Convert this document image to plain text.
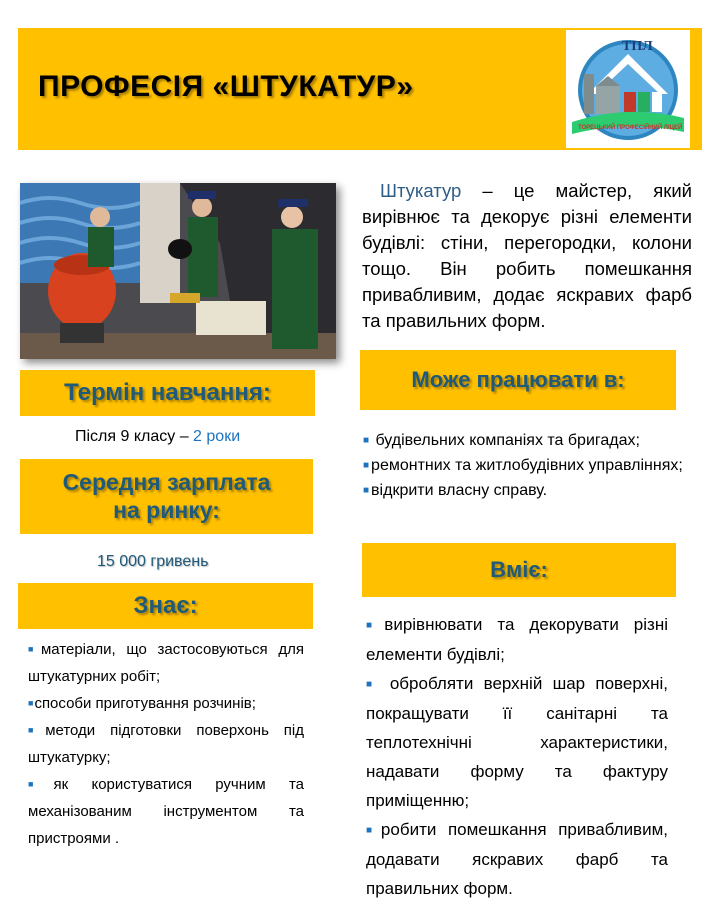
ПРОФЕСІЯ «ШТУКАТУР»
ТПЛ
ТОРЕЦЬКИЙ ПРОФЕСІЙНИЙ ЛІЦЕЙ
Штукатур – це майстер, який вирівнює та декорує різні елементи будівлі: стіни, перегородки, колони тощо. Він робить помешкання привабливим, додає яскравих фарб та правильних форм.
Термін навчання:
Після 9 класу – 2 роки
Середня зарплата
на ринку:
15 000 гривень
Знає:
■матеріали, що застосовуються для штукатурних робіт;
■способи приготування розчинів;
■методи підготовки поверхонь під штукатурку;
■як користуватися ручним та механізованим інструментом та пристроями .
Може працювати в:
■ будівельних компаніях та бригадах;
■ ремонтних та житлобудівних управліннях;
■ відкрити власну справу.
Вміє:
■ вирівнювати та декорувати різні елементи будівлі;
■ обробляти верхній шар поверхні, покращувати її санітарні та теплотехнічні характеристики, надавати форму та фактуру приміщенню;
■ робити помешкання привабливим, додавати яскравих фарб та правильних форм.
